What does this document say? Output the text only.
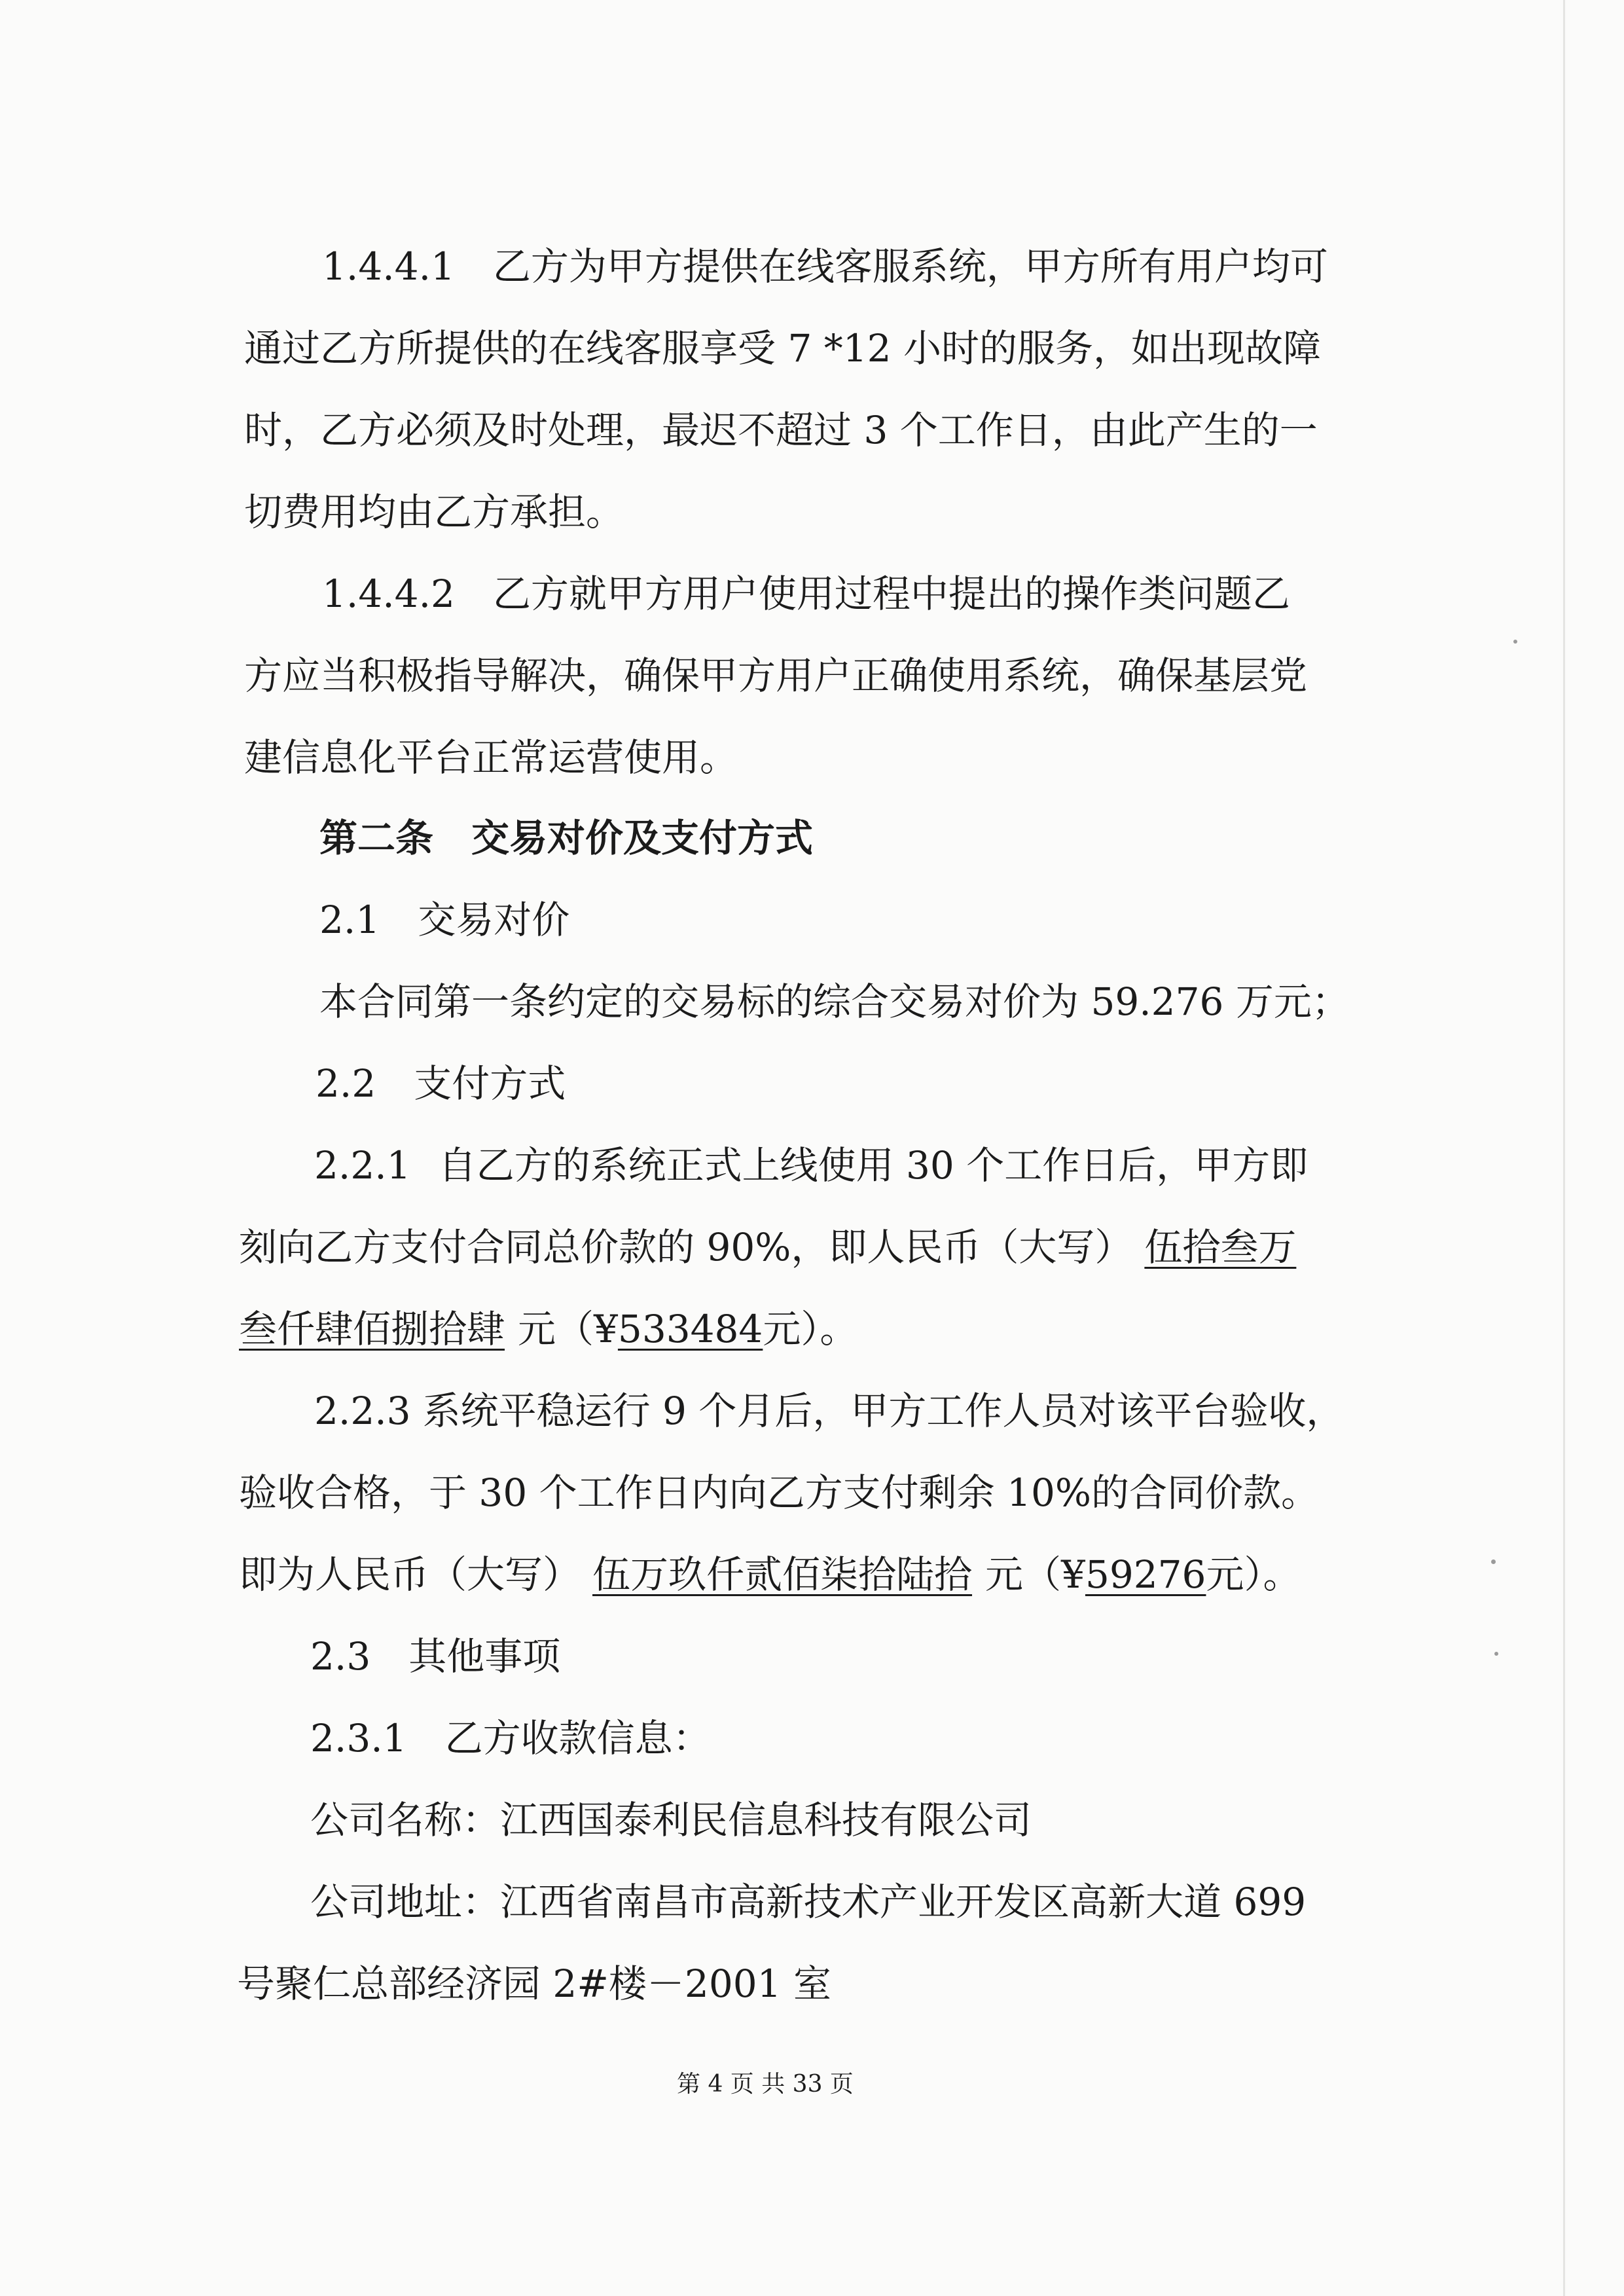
1.4.4.1 乙方为甲方提供在线客服系统，甲方所有用户均可
通过乙方所提供的在线客服享受 7 *12 小时的服务，如出现故障
时，乙方必须及时处理，最迟不超过 3 个工作日，由此产生的一
切费用均由乙方承担。
1.4.4.2 乙方就甲方用户使用过程中提出的操作类问题乙
方应当积极指导解决，确保甲方用户正确使用系统，确保基层党
建信息化平台正常运营使用。
第二条 交易对价及支付方式
2.1 交易对价
本合同第一条约定的交易标的综合交易对价为 59.276 万元；
2.2 支付方式
2.2.1 自乙方的系统正式上线使用 30 个工作日后，甲方即
刻向乙方支付合同总价款的 90%，即人民币（大写） 伍拾叁万
叁仟肆佰捌拾肆 元（¥533484元）。
2.2.3 系统平稳运行 9 个月后，甲方工作人员对该平台验收，
验收合格，于 30 个工作日内向乙方支付剩余 10%的合同价款。
即为人民币（大写） 伍万玖仟贰佰柒拾陆拾 元（¥59276元）。
2.3 其他事项
2.3.1 乙方收款信息：
公司名称：江西国泰利民信息科技有限公司
公司地址：江西省南昌市高新技术产业开发区高新大道 699
号聚仁总部经济园 2#楼－2001 室
第 4 页 共 33 页
